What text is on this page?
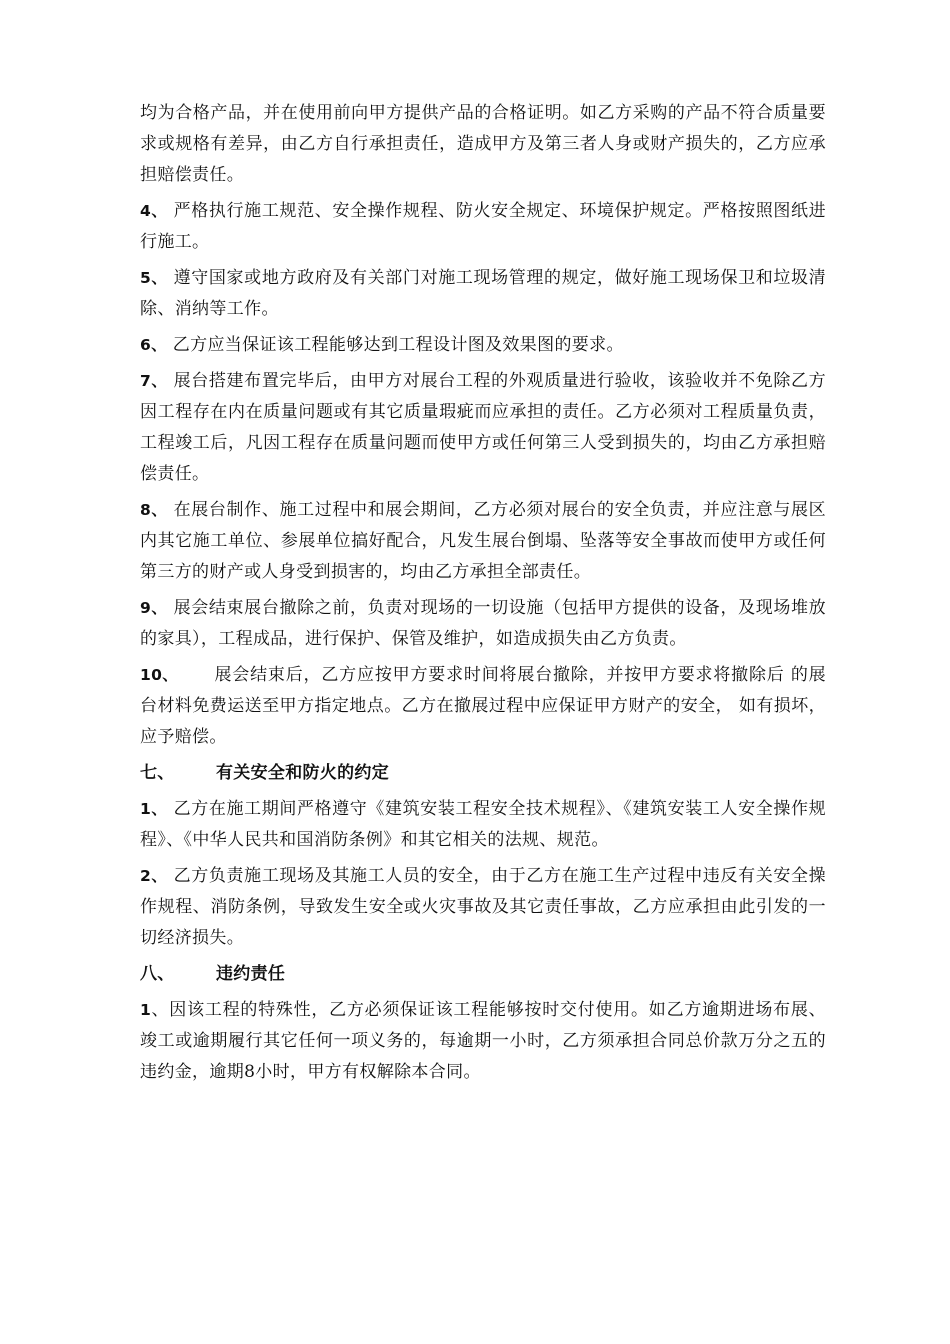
均为合格产品，并在使用前向甲方提供产品的合格证明。如乙方采购的产品不符合质量要求或规格有差异，由乙方自行承担责任，造成甲方及第三者人身或财产损失的，乙方应承担赔偿责任。

4、 严格执行施工规范、安全操作规程、防火安全规定、环境保护规定。严格按照图纸进行施工。

5、 遵守国家或地方政府及有关部门对施工现场管理的规定，做好施工现场保卫和垃圾清除、消纳等工作。

6、 乙方应当保证该工程能够达到工程设计图及效果图的要求。

7、 展台搭建布置完毕后，由甲方对展台工程的外观质量进行验收，该验收并不免除乙方因工程存在内在质量问题或有其它质量瑕疵而应承担的责任。乙方必须对工程质量负责，工程竣工后，凡因工程存在质量问题而使甲方或任何第三人受到损失的，均由乙方承担赔偿责任。

8、 在展台制作、施工过程中和展会期间，乙方必须对展台的安全负责，并应注意与展区内其它施工单位、参展单位搞好配合，凡发生展台倒塌、坠落等安全事故而使甲方或任何第三方的财产或人身受到损害的，均由乙方承担全部责任。

9、 展会结束展台撤除之前，负责对现场的一切设施（包括甲方提供的设备，及现场堆放的家具），工程成品，进行保护、保管及维护，如造成损失由乙方负责。

10、 展会结束后，乙方应按甲方要求时间将展台撤除，并按甲方要求将撤除后 的展台材料免费运送至甲方指定地点。乙方在撤展过程中应保证甲方财产的安全， 如有损坏，应予赔偿。

七、 有关安全和防火的约定

1、 乙方在施工期间严格遵守《建筑安装工程安全技术规程》、《建筑安装工人安全操作规程》、《中华人民共和国消防条例》和其它相关的法规、规范。

2、 乙方负责施工现场及其施工人员的安全，由于乙方在施工生产过程中违反有关安全操作规程、消防条例，导致发生安全或火灾事故及其它责任事故，乙方应承担由此引发的一切经济损失。

八、 违约责任

1、因该工程的特殊性，乙方必须保证该工程能够按时交付使用。如乙方逾期进场布展、竣工或逾期履行其它任何一项义务的，每逾期一小时，乙方须承担合同总价款万分之五的违约金，逾期8小时，甲方有权解除本合同。
